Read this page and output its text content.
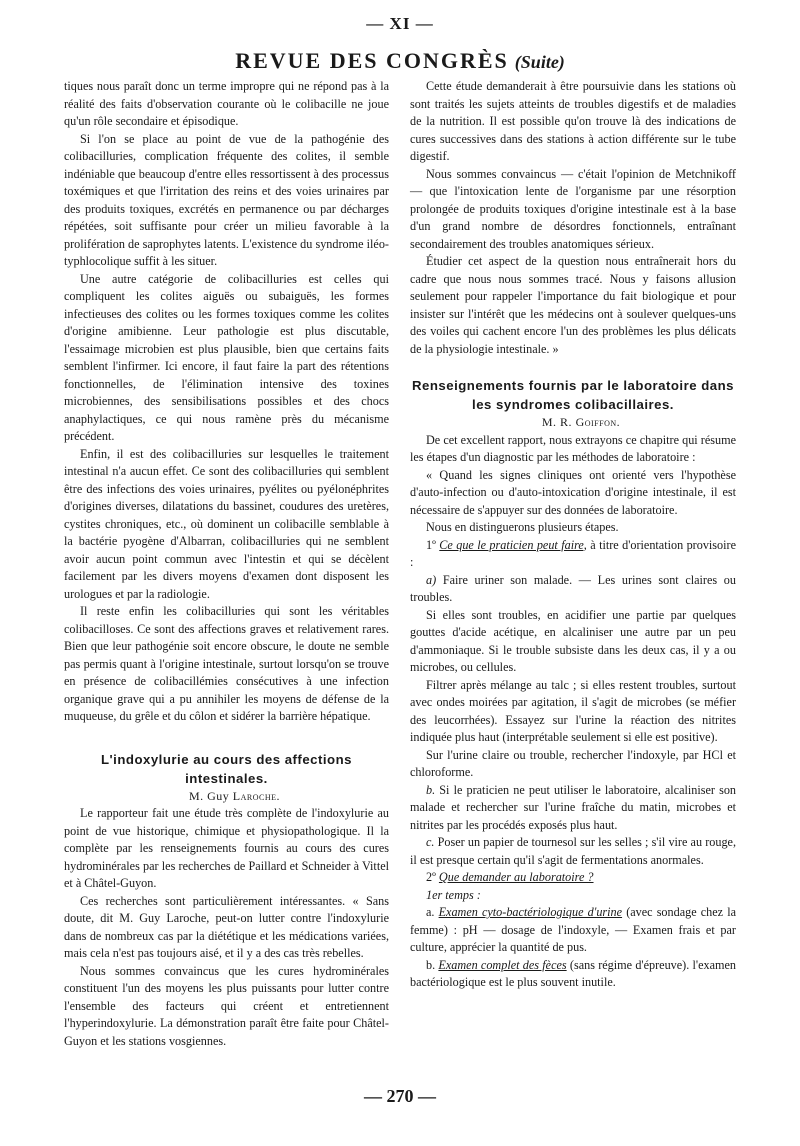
— XI —
REVUE DES CONGRÈS (Suite)

tiques nous paraît donc un terme impropre qui ne répond pas à la réalité des faits d'observation courante où le colibacille ne joue qu'un rôle secondaire et épisodique.

Si l'on se place au point de vue de la pathogénie des colibacilluries, complication fréquente des colites, il semble indéniable que beaucoup d'entre elles ressortissent à des processus toxémiques et que l'irritation des reins et des voies urinaires par des produits toxiques, excrétés en permanence ou par décharges répétées, soit suffisante pour créer un milieu favorable à la prolifération de saprophytes latents. L'existence du syndrome iléo-typhlocolique suffit à les situer.

Une autre catégorie de colibacilluries est celles qui compliquent les colites aiguës ou subaiguës, les formes infectieuses des colites ou les formes toxiques comme les colites d'origine amibienne. Leur pathologie est plus discutable, l'essaimage microbien est plus plausible, bien que certains faits semblent l'infirmer. Ici encore, il faut faire la part des rétentions fonctionnelles, de l'élimination intensive des toxines microbiennes, des sensibilisations possibles et des chocs anaphylactiques, ce qui nous ramène près du mécanisme précédent.

Enfin, il est des colibacilluries sur lesquelles le traitement intestinal n'a aucun effet. Ce sont des colibacilluries qui semblent être des infections des voies urinaires, pyélites ou pyélonéphrites d'origines diverses, dilatations du bassinet, coudures des uretères, cystites chroniques, etc., où dominent un colibacille semblable à la bactérie pyogène d'Albarran, colibacilluries qui ne semblent avoir aucun point commun avec l'intestin et qui se décèlent facilement par les divers moyens d'examen dont disposent les urologues et par la radiologie.

Il reste enfin les colibacilluries qui sont les véritables colibacilloses. Ce sont des affections graves et relativement rares. Bien que leur pathogénie soit encore obscure, le doute ne semble pas permis quant à l'origine intestinale, surtout lorsqu'on se trouve en présence de colibacillémies consécutives à une infection organique grave qui a pu annihiler les moyens de défense de la muqueuse, du grêle et du côlon et sidérer la barrière hépatique.

L'indoxylurie au cours des affections intestinales.

M. Guy Laroche.

Le rapporteur fait une étude très complète de l'indoxylurie au point de vue historique, chimique et physiopathologique. Il la complète par les renseignements fournis au cours des cures hydrominérales par les recherches de Paillard et Schneider à Vittel et à Châtel-Guyon.

Ces recherches sont particulièrement intéressantes. « Sans doute, dit M. Guy Laroche, peut-on lutter contre l'indoxylurie dans de nombreux cas par la diététique et les médications variées, mais cela n'est pas toujours aisé, et il y a des cas très rebelles.

Nous sommes convaincus que les cures hydrominérales constituent l'un des moyens les plus puissants pour lutter contre l'ensemble des facteurs qui créent et entretiennent l'hyperindoxylurie. La démonstration paraît être faite pour Châtel-Guyon et les stations vosgiennes.

Cette étude demanderait à être poursuivie dans les stations où sont traités les sujets atteints de troubles digestifs et de maladies de la nutrition. Il est possible qu'on trouve là des indications de cures successives dans des stations à action différente sur le tube digestif.

Nous sommes convaincus — c'était l'opinion de Metchnikoff — que l'intoxication lente de l'organisme par une résorption prolongée de produits toxiques d'origine intestinale est à la base d'un grand nombre de désordres fonctionnels, entraînant secondairement des troubles anatomiques sérieux.

Étudier cet aspect de la question nous entraînerait hors du cadre que nous nous sommes tracé. Nous y faisons allusion seulement pour rappeler l'importance du fait biologique et pour insister sur l'intérêt que les médecins ont à soulever quelques-uns des voiles qui cachent encore l'un des problèmes les plus délicats de la physiologie intestinale. »

Renseignements fournis par le laboratoire dans les syndromes colibacillaires.

M. R. Goiffon.

De cet excellent rapport, nous extrayons ce chapitre qui résume les étapes d'un diagnostic par les méthodes de laboratoire :

« Quand les signes cliniques ont orienté vers l'hypothèse d'auto-infection ou d'auto-intoxication d'origine intestinale, il est nécessaire de s'appuyer sur des données de laboratoire.

Nous en distinguerons plusieurs étapes.

1º Ce que le praticien peut faire, à titre d'orientation provisoire :

a) Faire uriner son malade. — Les urines sont claires ou troubles.

Si elles sont troubles, en acidifier une partie par quelques gouttes d'acide acétique, en alcaliniser une autre par un peu d'ammoniaque. Si le trouble subsiste dans les deux cas, il y a ou microbes, ou cellules.

Filtrer après mélange au talc ; si elles restent troubles, surtout avec ondes moirées par agitation, il s'agit de microbes (se méfier des leucorrhées). Essayez sur l'urine la réaction des nitrites indiquée plus haut (interprétable seulement si elle est positive).

Sur l'urine claire ou trouble, rechercher l'indoxyle, par HCl et chloroforme.

b. Si le praticien ne peut utiliser le laboratoire, alcaliniser son malade et rechercher sur l'urine fraîche du matin, microbes et nitrites par les procédés exposés plus haut.

c. Poser un papier de tournesol sur les selles ; s'il vire au rouge, il est presque certain qu'il s'agit de fermentations anormales.

2º Que demander au laboratoire ?

1er temps :

a. Examen cyto-bactériologique d'urine (avec sondage chez la femme) : pH — dosage de l'indoxyle, — Examen frais et par culture, apprécier la quantité de pus.

b. Examen complet des fèces (sans régime d'épreuve). l'examen bactériologique est le plus souvent inutile.

— 270 —
